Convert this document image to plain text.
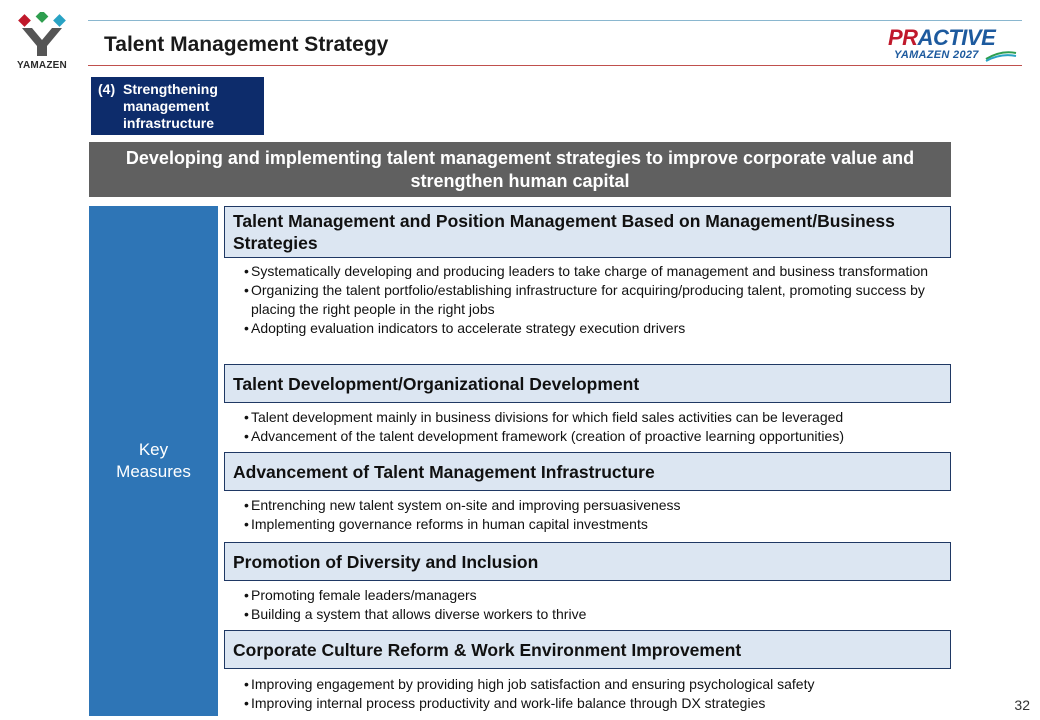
YAMAZEN
Talent Management Strategy	PRACTIVE
YAMAZEN 2027
(4) Strengthening management infrastructure
Developing and implementing talent management strategies to improve corporate value and strengthen human capital
Key Measures
Talent Management and Position Management Based on Management/Business Strategies
• Systematically developing and producing leaders to take charge of management and business transformation
• Organizing the talent portfolio/establishing infrastructure for acquiring/producing talent, promoting success by placing the right people in the right jobs
• Adopting evaluation indicators to accelerate strategy execution drivers
Talent Development/Organizational Development
• Talent development mainly in business divisions for which field sales activities can be leveraged
• Advancement of the talent development framework (creation of proactive learning opportunities)
Advancement of Talent Management Infrastructure
• Entrenching new talent system on-site and improving persuasiveness
• Implementing governance reforms in human capital investments
Promotion of Diversity and Inclusion
• Promoting female leaders/managers
• Building a system that allows diverse workers to thrive
Corporate Culture Reform & Work Environment Improvement
• Improving engagement by providing high job satisfaction and ensuring psychological safety
• Improving internal process productivity and work-life balance through DX strategies	32
